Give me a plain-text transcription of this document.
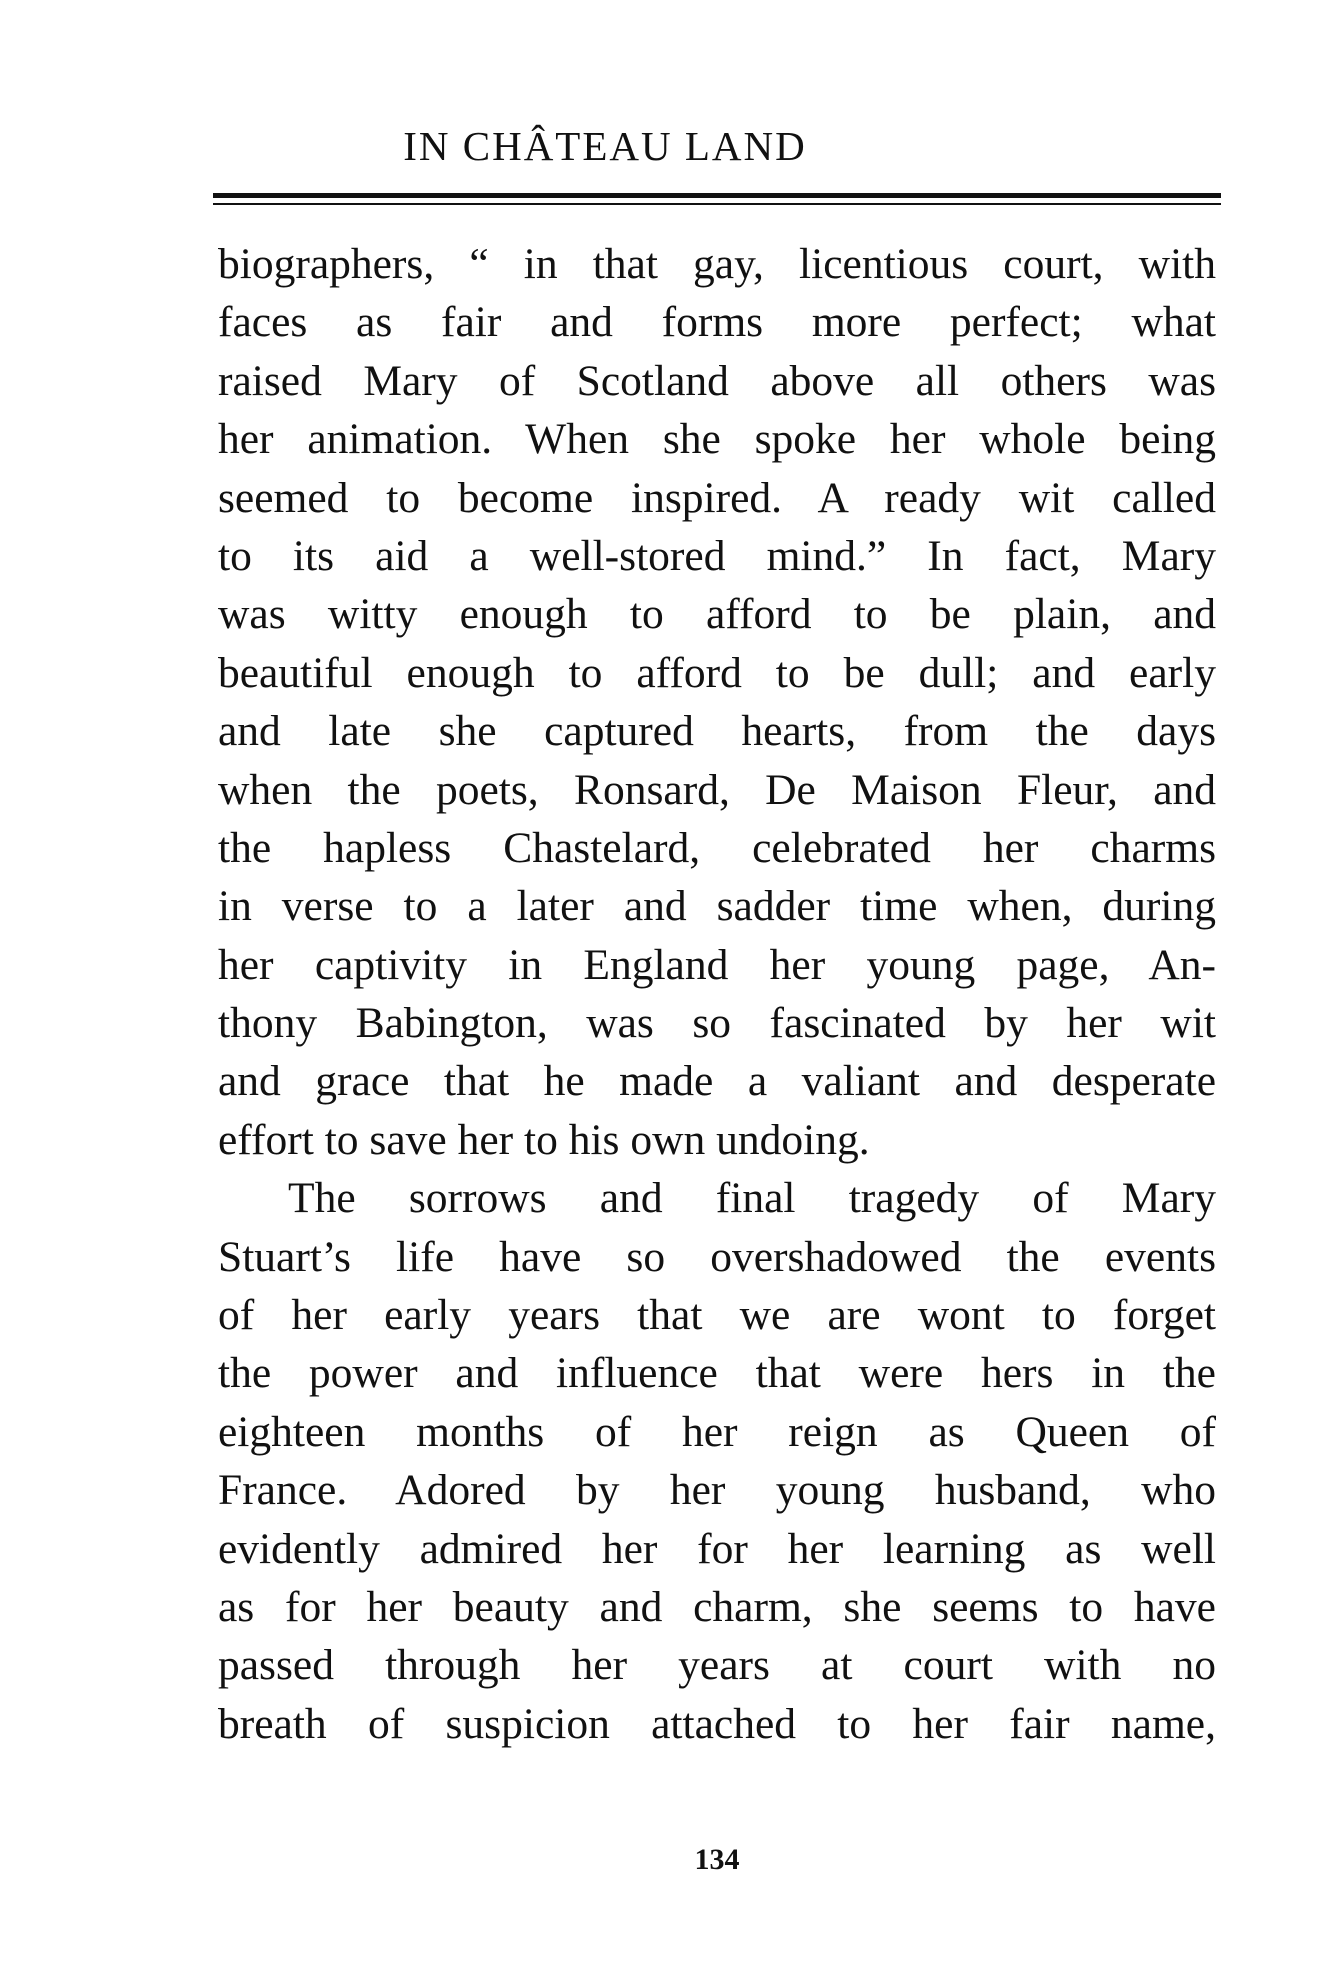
IN CHÂTEAU LAND
biographers, “ in that gay, licentious court, with
faces as fair and forms more perfect; what
raised Mary of Scotland above all others was
her animation. When she spoke her whole being
seemed to become inspired. A ready wit called
to its aid a well-stored mind.” In fact, Mary
was witty enough to afford to be plain, and
beautiful enough to afford to be dull; and early
and late she captured hearts, from the days
when the poets, Ronsard, De Maison Fleur, and
the hapless Chastelard, celebrated her charms
in verse to a later and sadder time when, during
her captivity in England her young page, An-
thony Babington, was so fascinated by her wit
and grace that he made a valiant and desperate
effort to save her to his own undoing.
The sorrows and final tragedy of Mary
Stuart’s life have so overshadowed the events
of her early years that we are wont to forget
the power and influence that were hers in the
eighteen months of her reign as Queen of
France. Adored by her young husband, who
evidently admired her for her learning as well
as for her beauty and charm, she seems to have
passed through her years at court with no
breath of suspicion attached to her fair name,
134
